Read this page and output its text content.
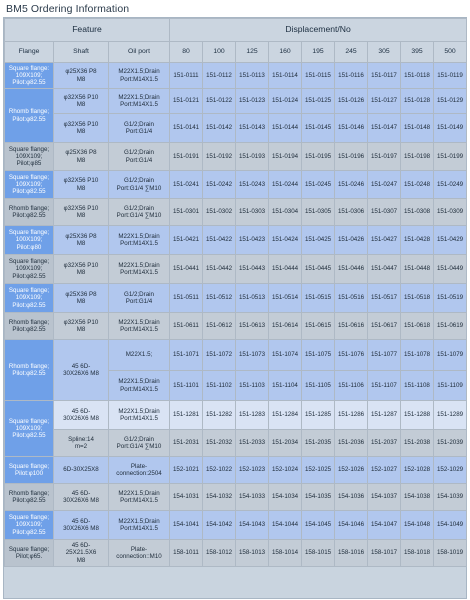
BM5 Ordering Information
Feature			Displacement/No								
Flange	Shaft	Oil port	80	100	125	160	195	245	305	395	500
Square flange:
109X109;
Pilot:φ82.55	φ25X36 P8
M8	M22X1.5;Drain
Port:M14X1.5	151-0111	151-0112	151-0113	151-0114	151-0115	151-0116	151-0117	151-0118	151-0119
Rhomb flange;
Pilot:φ82.55	φ32X56 P10
M8	M22X1.5;Drain
Port:M14X1.5	151-0121	151-0122	151-0123	151-0124	151-0125	151-0126	151-0127	151-0128	151-0129
	φ32X56 P10
M8	G1/2;Drain
Port:G1/4	151-0141	151-0142	151-0143	151-0144	151-0145	151-0146	151-0147	151-0148	151-0149
Square flange;
109X109;
Pilot;φ85	φ25X36 P8
M8	G1/2;Drain
Port:G1/4	151-0191	151-0192	151-0193	151-0194	151-0195	151-0196	151-0197	151-0198	151-0199
Square flange;
109X109;
Pilot:φ82.55	φ32X56 P10
M8	G1/2;Drain
Port:G1/4 ∑M10	151-0241	151-0242	151-0243	151-0244	151-0245	151-0246	151-0247	151-0248	151-0249
Rhomb flange;
Pilot:φ82.55	φ32X56 P10
M8	G1/2;Drain
Port:G1/4 ∑M10	151-0301	151-0302	151-0303	151-0304	151-0305	151-0306	151-0307	151-0308	151-0309
Square flange;
100X109;
Pilot:φ80	φ25X36 P8
M8	M22X1.5;Drain
Port:M14X1.5	151-0421	151-0422	151-0423	151-0424	151-0425	151-0426	151-0427	151-0428	151-0429
Square flange;
109X109;
Pilot:φ82.55	φ32X56 P10
M8	M22X1.5;Drain
Port:M14X1.5	151-0441	151-0442	151-0443	151-0444	151-0445	151-0446	151-0447	151-0448	151-0449
Square flange;
109X109;
Pilot:φ82.55	φ25X36 P8
M8	G1/2;Drain
Port:G1/4	151-0511	151-0512	151-0513	151-0514	151-0515	151-0516	151-0517	151-0518	151-0519
Rhomb flange;
Pilot:φ82.55	φ32X56 P10
M8	M22X1.5;Drain
Port:M14X1.5	151-0611	151-0612	151-0613	151-0614	151-0615	151-0616	151-0617	151-0618	151-0619
Rhomb flange;
Pilot:φ82.55	45 6D-
30X26X6 M8	M22X1.5;	151-1071	151-1072	151-1073	151-1074	151-1075	151-1076	151-1077	151-1078	151-1079
		M22X1.5;Drain
Port:M14X1.5	151-1101	151-1102	151-1103	151-1104	151-1105	151-1106	151-1107	151-1108	151-1109
Square flange;
109X109;
Pilot:φ82.55	45 6D-
30X26X6 M8	M22X1.5;Drain
Port:M14X1.5	151-1281	151-1282	151-1283	151-1284	151-1285	151-1286	151-1287	151-1288	151-1289
	Spline:14
m=2	G1/2;Drain
Port:G1/4 ∑M10	151-2031	151-2032	151-2033	151-2034	151-2035	151-2036	151-2037	151-2038	151-2039
Square flange;
Pilot:φ100	6D-30X25X8	Plate-
connection:2504	152-1021	152-1022	152-1023	152-1024	152-1025	152-1026	152-1027	152-1028	152-1029
Rhomb flange;
Pilot:φ82.55	45 6D-
30X26X6 M8	M22X1.5;Drain
Port:M14X1.5	154-1031	154-1032	154-1033	154-1034	154-1035	154-1036	154-1037	154-1038	154-1039
Square flange;
109X109;
Pilot:φ82.55	45 6D-
30X26X6 M8	M22X1.5;Drain
Port:M14X1.5	154-1041	154-1042	154-1043	154-1044	154-1045	154-1046	154-1047	154-1048	154-1049
Square flange;
Pilot;φ65.	45 6D-
25X21.5X6
M8	Plate-
connection::M10	158-1011	158-1012	158-1013	158-1014	158-1015	158-1016	158-1017	158-1018	158-1019
